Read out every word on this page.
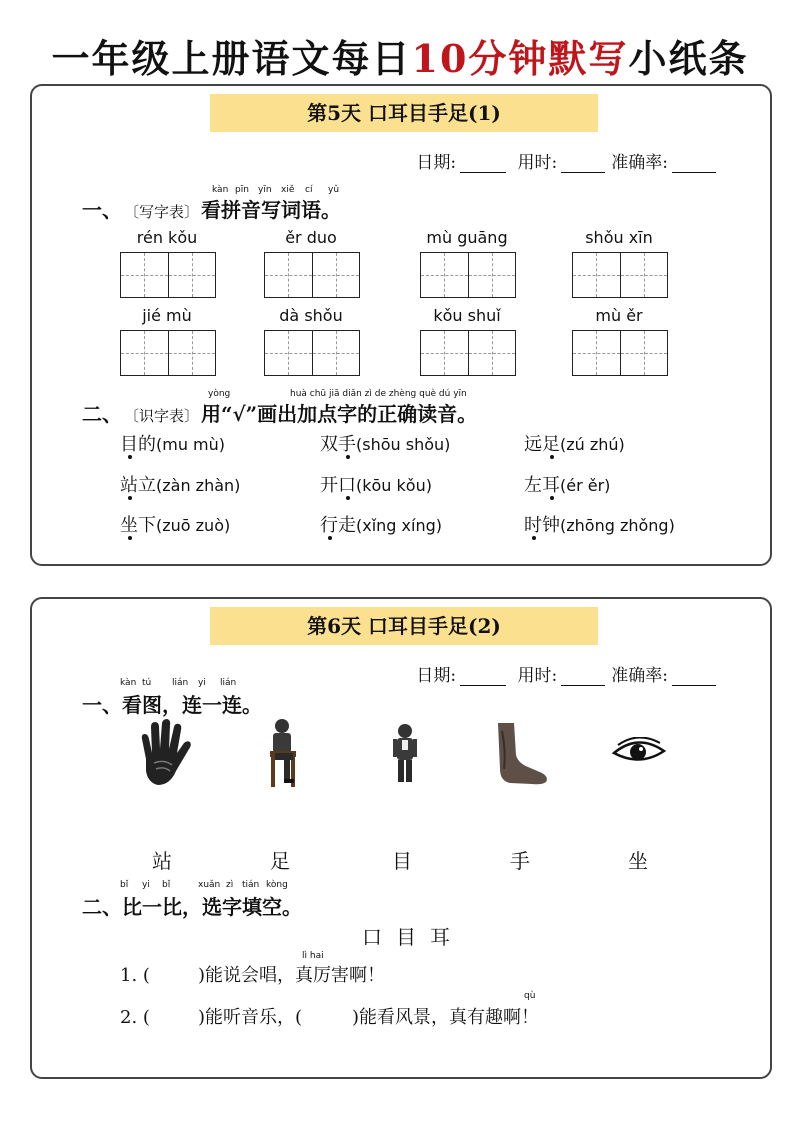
一年级上册语文每日10分钟默写小纸条
第5天 口耳目手足(1)
日期:	用时:	准确率:
kàn pīn yīn xiě cí yǔ
一、 〔写字表〕 看拼音写词语。
rén kǒu	ěr duo	mù guāng	shǒu xīn
jié mù	dà shǒu	kǒu shuǐ	mù ěr
yòng	huà chū jiā diǎn zì de zhèng què dú yīn
二、 〔识字表〕 用“√”画出加点字的正确读音。
目的(mu mù)	双手(shōu shǒu)	远足(zú zhú)
站立(zàn zhàn)	开口(kōu kǒu)	左耳(ér ěr)
坐下(zuō zuò)	行走(xǐng xíng)	时钟(zhōng zhǒng)
第6天 口耳目手足(2)
日期:	用时:	准确率:
kàn tú lián yi lián
一、看图，连一连。
站	足	目	手	坐
bǐ yi bǐ	xuǎn zì tián kòng
二、比一比，选字填空。
口目耳
lì hai
1. (	)能说会唱，真厉害啊！
qù
2. (	)能听音乐，(	)能看风景，真有趣啊！
